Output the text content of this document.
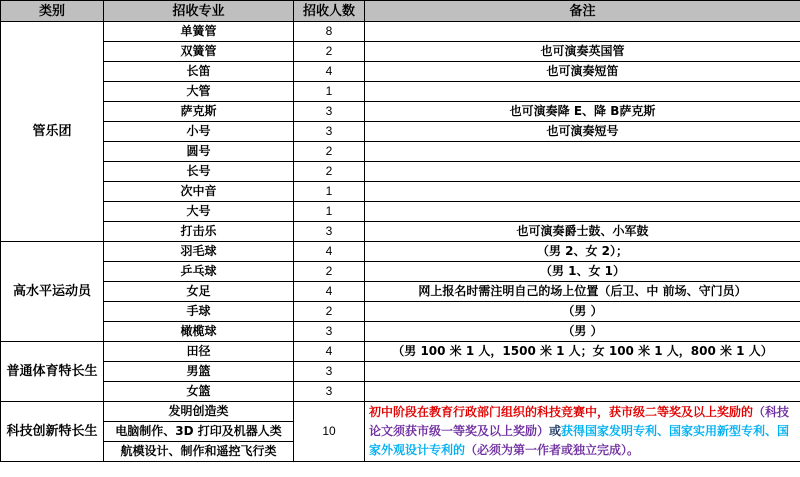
类别	招收专业	招收人数	备注
管乐团	单簧管	8	
	双簧管	2	也可演奏英国管
	长笛	4	也可演奏短笛
	大管	1	
	萨克斯	3	也可演奏降 E、降 B萨克斯
	小号	3	也可演奏短号
	圆号	2	
	长号	2	
	次中音	1	
	大号	1	
	打击乐	3	也可演奏爵士鼓、小军鼓
高水平运动员	羽毛球	4	（男 2、女 2）；
	乒乓球	2	（男 1、女 1）
	女足	4	网上报名时需注明自己的场上位置（后卫、中 前场、守门员）
	手球	2	（男 ）
	橄榄球	3	（男 ）
普通体育特长生	田径	4	（男 100 米 1 人，1500 米 1 人；女 100 米 1 人，800 米 1 人）
	男篮	3	
	女篮	3	
科技创新特长生	发明创造类	10	初中阶段在教育行政部门组织的科技竞赛中，获市级二等奖及以上奖励的（科技论文须获市级一等奖及以上奖励）或获得国家发明专利、国家实用新型专利、国家外观设计专利的（必须为第一作者或独立完成）。
	电脑制作、3D 打印及机器人类		
	航模设计、制作和遥控飞行类		
